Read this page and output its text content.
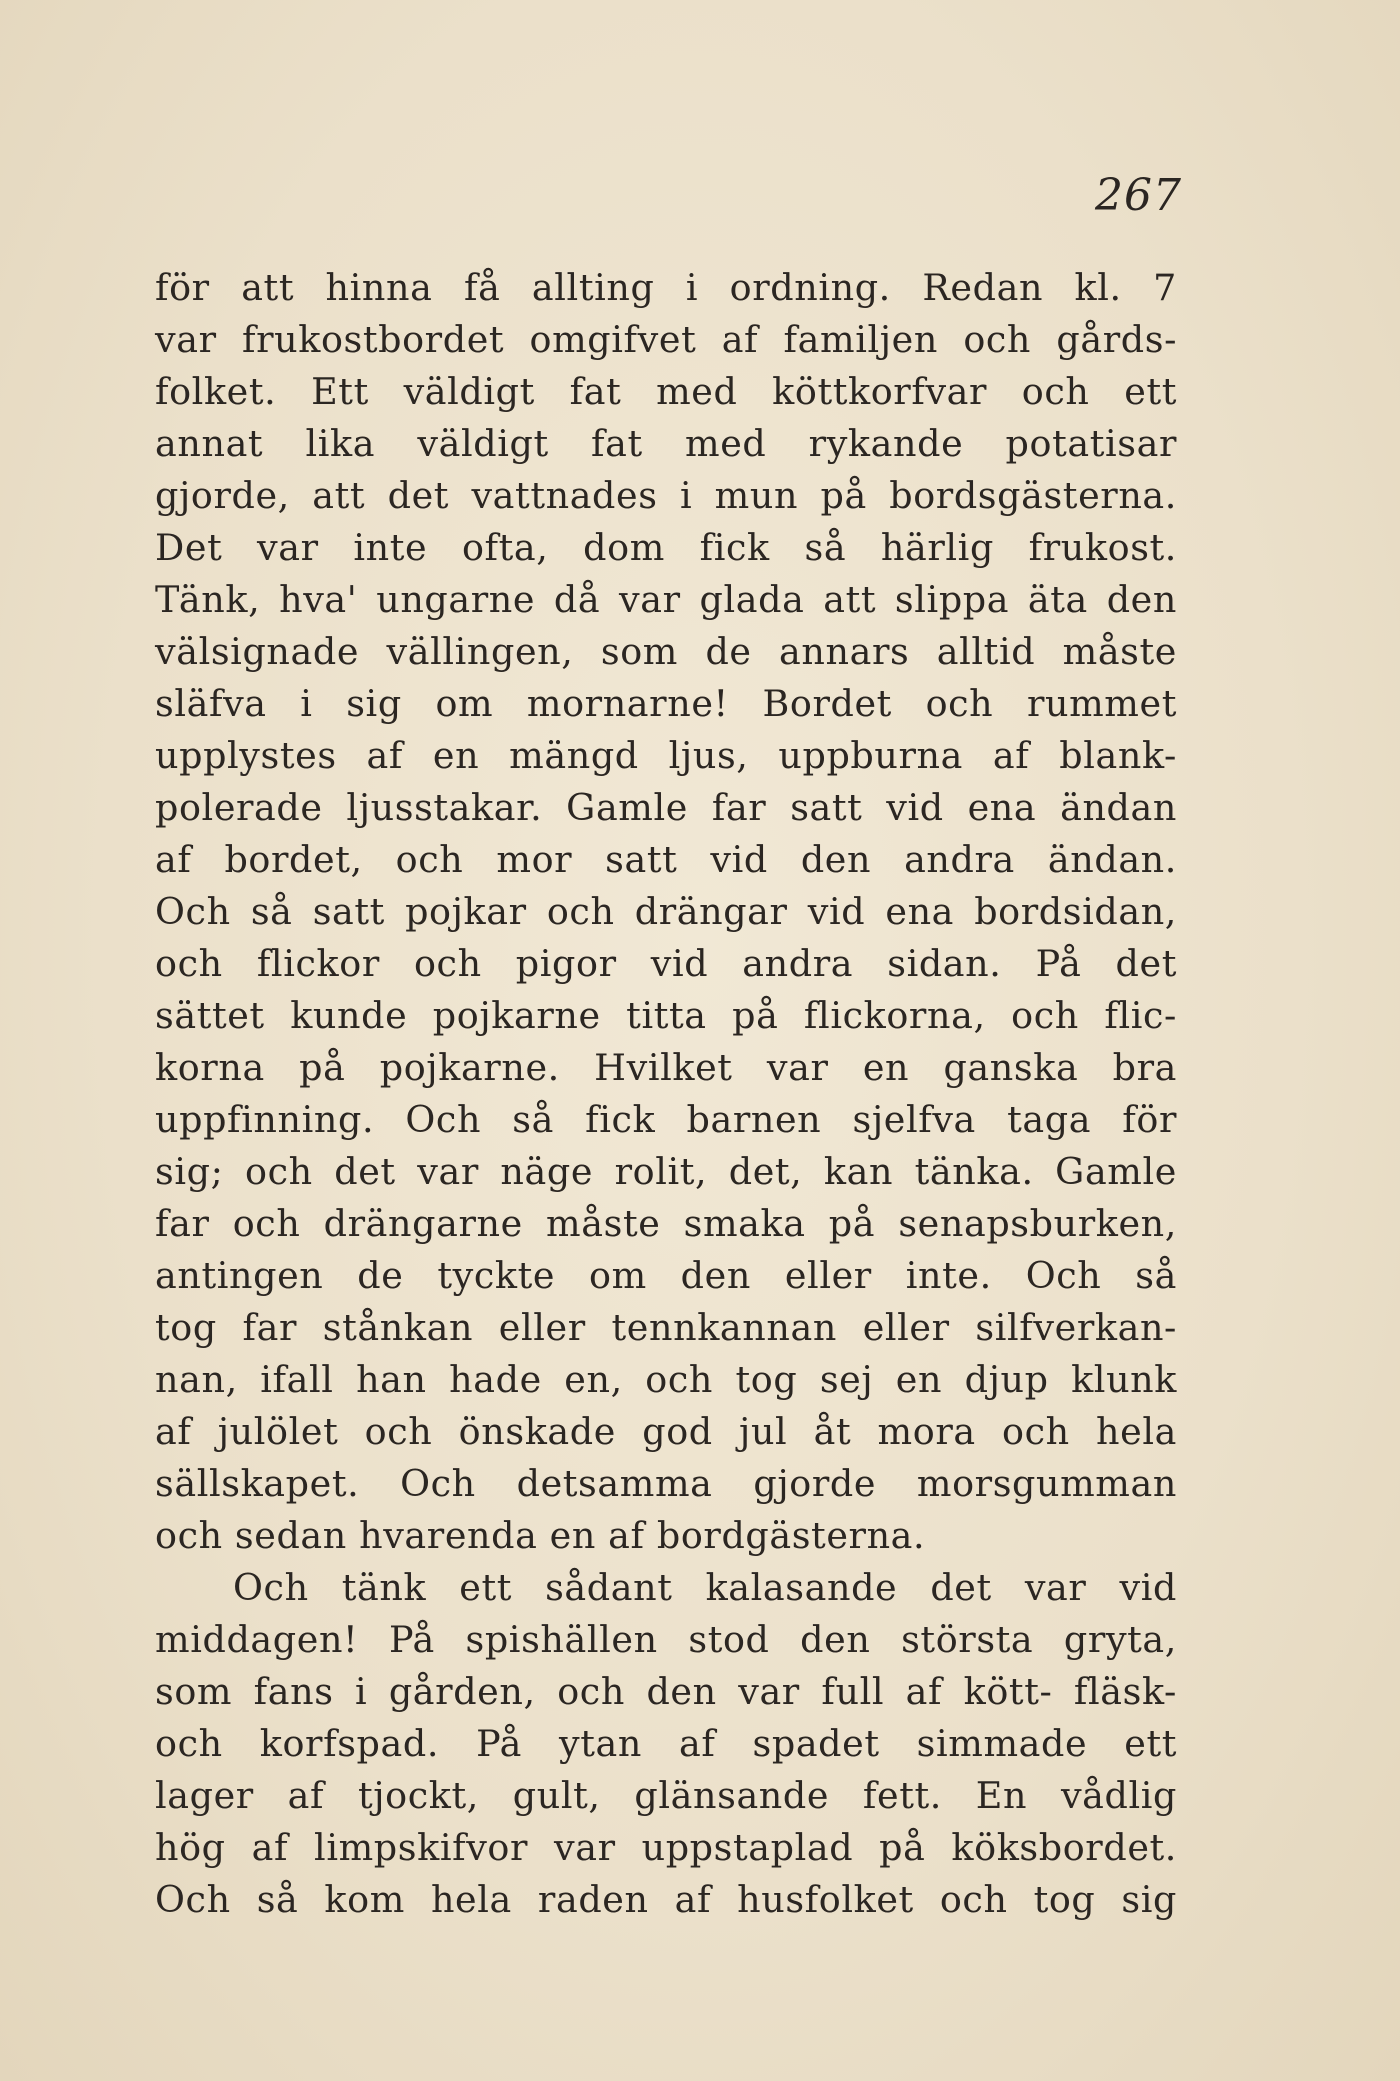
267
för att hinna få allting i ordning. Redan kl. 7
var frukostbordet omgifvet af familjen och gårds-
folket. Ett väldigt fat med köttkorfvar och ett
annat lika väldigt fat med rykande potatisar
gjorde, att det vattnades i mun på bordsgästerna.
Det var inte ofta, dom fick så härlig frukost.
Tänk, hva' ungarne då var glada att slippa äta den
välsignade vällingen, som de annars alltid måste
släfva i sig om mornarne! Bordet och rummet
upplystes af en mängd ljus, uppburna af blank-
polerade ljusstakar. Gamle far satt vid ena ändan
af bordet, och mor satt vid den andra ändan.
Och så satt pojkar och drängar vid ena bordsidan,
och flickor och pigor vid andra sidan. På det
sättet kunde pojkarne titta på flickorna, och flic-
korna på pojkarne. Hvilket var en ganska bra
uppfinning. Och så fick barnen sjelfva taga för
sig; och det var näge rolit, det, kan tänka. Gamle
far och drängarne måste smaka på senapsburken,
antingen de tyckte om den eller inte. Och så
tog far stånkan eller tennkannan eller silfverkan-
nan, ifall han hade en, och tog sej en djup klunk
af julölet och önskade god jul åt mora och hela
sällskapet. Och detsamma gjorde morsgumman
och sedan hvarenda en af bordgästerna.
Och tänk ett sådant kalasande det var vid
middagen! På spishällen stod den största gryta,
som fans i gården, och den var full af kött- fläsk-
och korfspad. På ytan af spadet simmade ett
lager af tjockt, gult, glänsande fett. En vådlig
hög af limpskifvor var uppstaplad på köksbordet.
Och så kom hela raden af husfolket och tog sig
